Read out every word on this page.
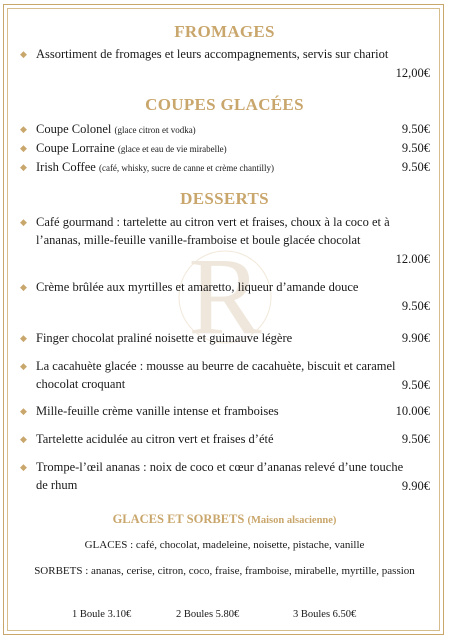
R
FROMAGES
◆ Assortiment de fromages et leurs accompagnements, servis sur chariot
12,00€
COUPES GLACÉES
◆ Coupe Colonel (glace citron et vodka)	9.50€
◆ Coupe Lorraine (glace et eau de vie mirabelle)	9.50€
◆ Irish Coffee (café, whisky, sucre de canne et crème chantilly)	9.50€
DESSERTS
◆ Café gourmand : tartelette au citron vert et fraises, choux à la coco et à l’ananas, mille-feuille vanille-framboise et boule glacée chocolat
12.00€
◆ Crème brûlée aux myrtilles et amaretto, liqueur d’amande douce
9.50€
◆ Finger chocolat praliné noisette et guimauve légère	9.90€
◆ La cacahuète glacée : mousse au beurre de cacahuète, biscuit et caramel chocolat croquant	9.50€
◆ Mille-feuille crème vanille intense et framboises	10.00€
◆ Tartelette acidulée au citron vert et fraises d’été	9.50€
◆ Trompe-l’œil ananas : noix de coco et cœur d’ananas relevé d’une touche de rhum	9.90€
GLACES ET SORBETS (Maison alsacienne)
GLACES : café, chocolat, madeleine, noisette, pistache, vanille
SORBETS : ananas, cerise, citron, coco, fraise, framboise, mirabelle, myrtille, passion
1 Boule 3.10€	2 Boules 5.80€	3 Boules 6.50€
